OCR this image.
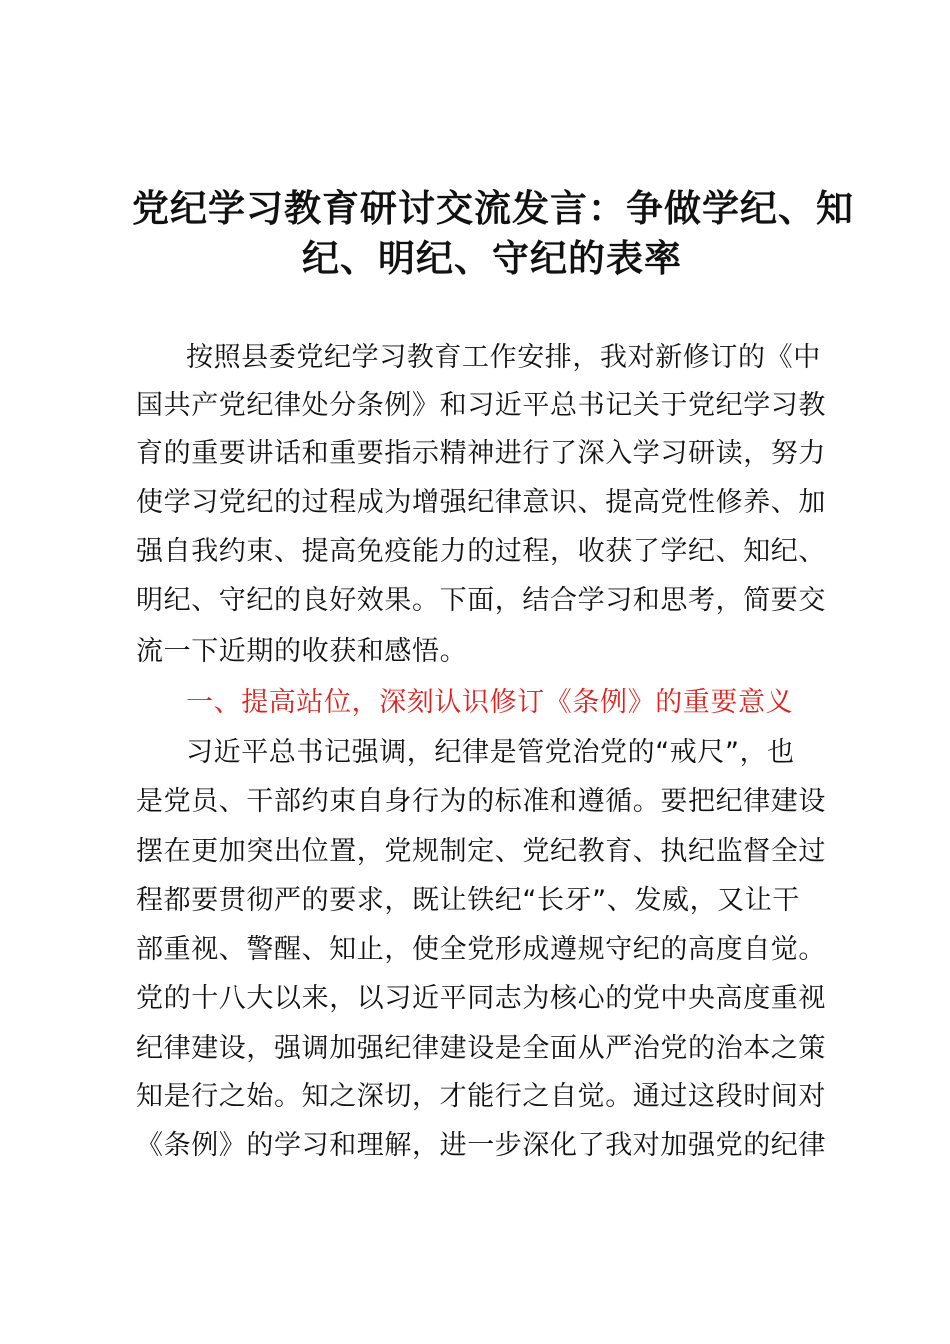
党纪学习教育研讨交流发言：争做学纪、知
纪、明纪、守纪的表率
按照县委党纪学习教育工作安排，我对新修订的《中
国共产党纪律处分条例》和习近平总书记关于党纪学习教
育的重要讲话和重要指示精神进行了深入学习研读，努力
使学习党纪的过程成为增强纪律意识、提高党性修养、加
强自我约束、提高免疫能力的过程，收获了学纪、知纪、
明纪、守纪的良好效果。下面，结合学习和思考，简要交
流一下近期的收获和感悟。
一、提高站位，深刻认识修订《条例》的重要意义
习近平总书记强调，纪律是管党治党的“戒尺”，也
是党员、干部约束自身行为的标准和遵循。要把纪律建设
摆在更加突出位置，党规制定、党纪教育、执纪监督全过
程都要贯彻严的要求，既让铁纪“长牙”、发威，又让干
部重视、警醒、知止，使全党形成遵规守纪的高度自觉。
党的十八大以来，以习近平同志为核心的党中央高度重视
纪律建设，强调加强纪律建设是全面从严治党的治本之策
知是行之始。知之深切，才能行之自觉。通过这段时间对
《条例》的学习和理解，进一步深化了我对加强党的纪律
